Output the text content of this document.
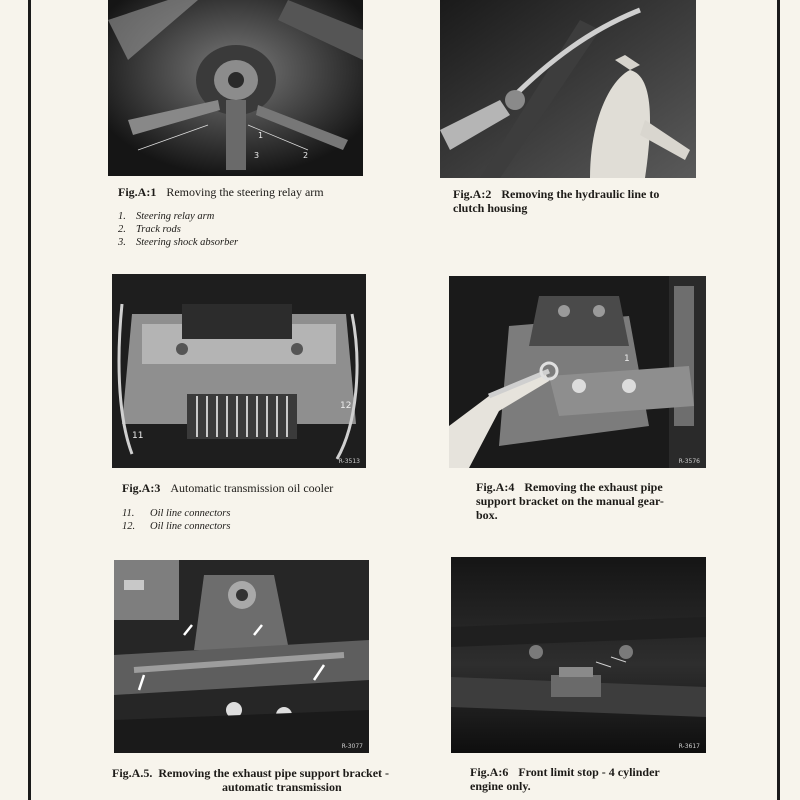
3	2
1
Fig.A:1 Removing the steering relay arm
1. Steering relay arm
2. Track rods
3. Steering shock absorber
Fig.A:2 Removing the hydraulic line to
clutch housing
12
11
R-3513
Fig.A:3 Automatic transmission oil cooler
11. Oil line connectors
12. Oil line connectors
1
R-3576
Fig.A:4 Removing the exhaust pipe
support bracket on the manual gear-
box.
R-3077
Fig.A.5. Removing the exhaust pipe support bracket -
automatic transmission
R-3617
Fig.A:6 Front limit stop - 4 cylinder
engine only.
